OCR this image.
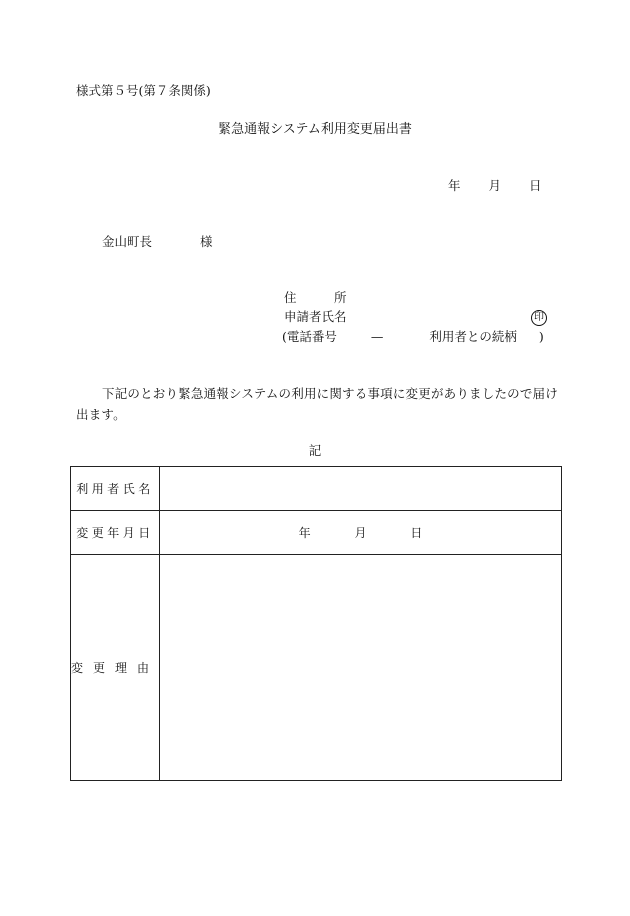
様式第５号(第７条関係)
緊急通報システム利用変更届出書
年 月 日
金山町長	様
住　　　所
申請者氏名	印
(電話番号	—	利用者との続柄 )
下記のとおり緊急通報システムの利用に関する事項に変更がありましたので届け出ます。
記
利用者氏名	
変更年月日	年 月 日
変更理由	
